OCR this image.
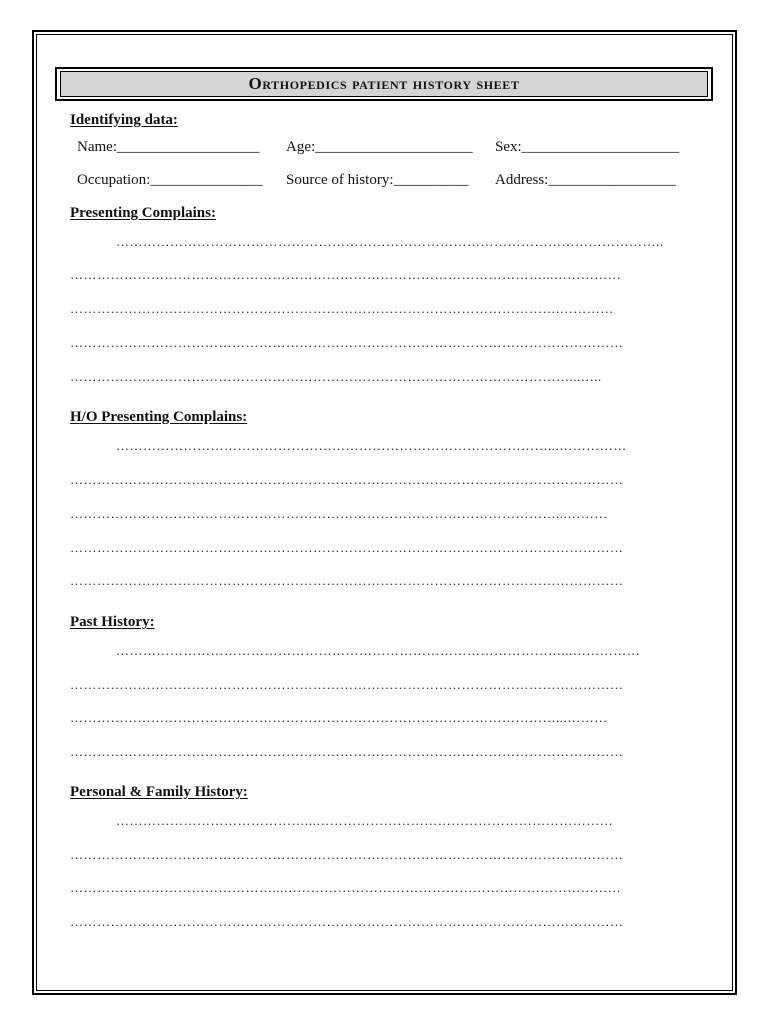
Orthopedics patient history sheet
Identifying data:
Name:___________________ Age:_____________________ Sex:_____________________
Occupation:_______________ Source of history:__________ Address:_________________
Presenting Complains:
…………………………………………………………………………………………………………..
……………………………………………………………………………………………...……………
……………………………………………………………………………………………….…………
……………………………………………………………………………………………………………
…………………………………………………………………………………………………...…..
H/O Presenting Complains:
……………………………………………………………………………………...……………
……………………………………………………………………………………………………………
………………………………………………………………………………………………...………
……………………………………………………………………………………………………………
……………………………………………………………………………………………………………
Past History:
………………………………………………………………………………………...……………
……………………………………………………………………………………………………………
………………………………………………………………………………………………...………
……………………………………………………………………………………………………………
Personal & Family History:
……………………………………...…………………………………………………………
……………………………………………………………………………………………………………
………………………………………...…………………………………………………………………
……………………………………………………………………………………………………………
